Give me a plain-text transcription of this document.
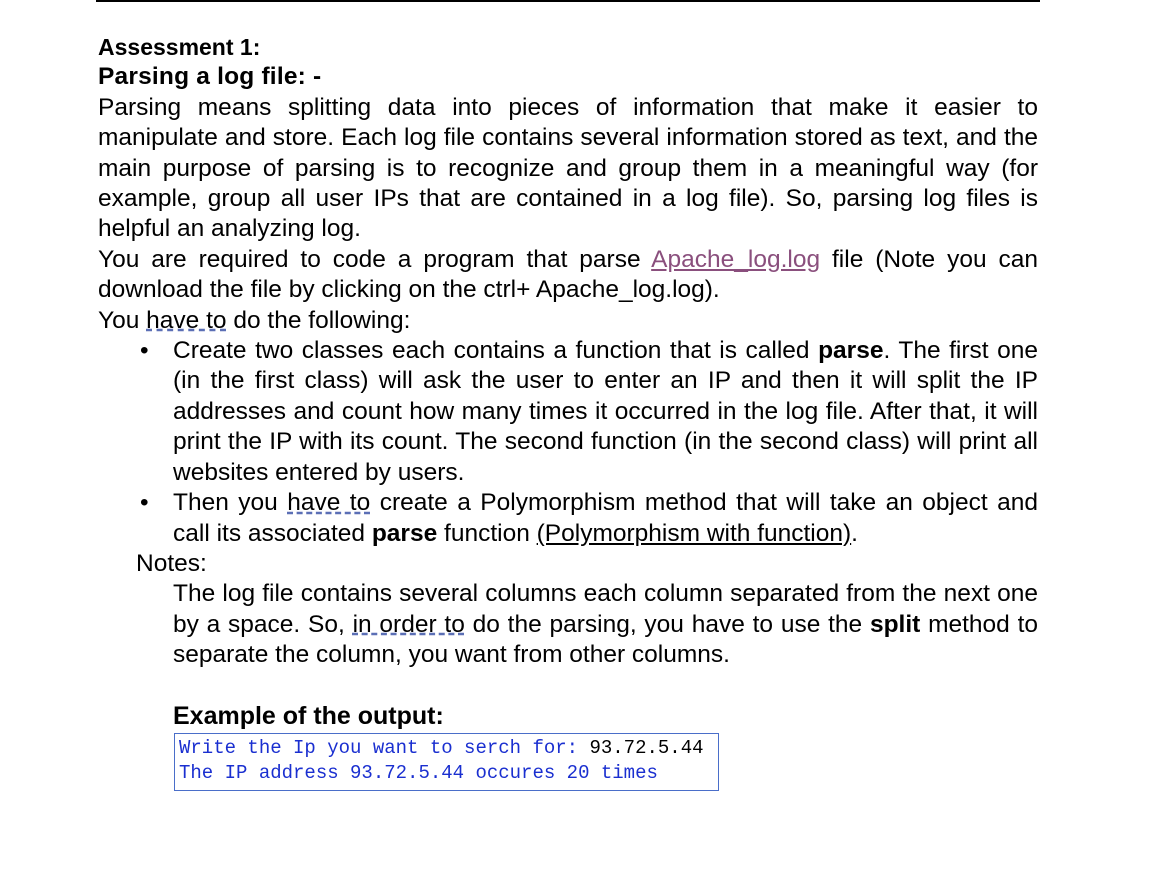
Assessment 1:

Parsing a log file: -

Parsing means splitting data into pieces of information that make it easier to manipulate and store. Each log file contains several information stored as text, and the main purpose of parsing is to recognize and group them in a meaningful way (for example, group all user IPs that are contained in a log file). So, parsing log files is helpful an analyzing log.

You are required to code a program that parse Apache_log.log file (Note you can download the file by clicking on the ctrl+ Apache_log.log).

You have to do the following:

• Create two classes each contains a function that is called parse. The first one (in the first class) will ask the user to enter an IP and then it will split the IP addresses and count how many times it occurred in the log file. After that, it will print the IP with its count. The second function (in the second class) will print all websites entered by users.
• Then you have to create a Polymorphism method that will take an object and call its associated parse function (Polymorphism with function).

Notes:

The log file contains several columns each column separated from the next one by a space. So, in order to do the parsing, you have to use the split method to separate the column, you want from other columns.

Example of the output:

Write the Ip you want to serch for: 93.72.5.44
The IP address 93.72.5.44 occures 20 times
